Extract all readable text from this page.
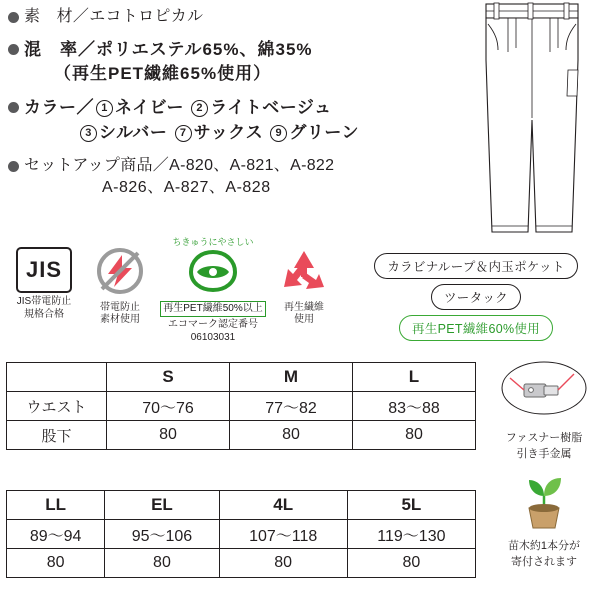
素　材／エコトロピカル
混　率／ポリエステル65%、綿35%
（再生PET繊維65%使用）
カラー／ 1 ネイビー 2 ライトベージュ
3 シルバー 7 サックス 9 グリーン
セットアップ商品／A-820、A-821、A-822
A-826、A-827、A-828
JIS
JIS帯電防止
規格合格
帯電防止
素材使用
ちきゅうにやさしい
再生PET繊維50%以上
エコマーク認定番号
06103031
再生繊維
使用
カラビナループ＆内玉ポケット ツータック 再生PET繊維60%使用
	S	M	L
ウエスト	70〜76	77〜82	83〜88
股下	80	80	80
LL	EL	4L	5L
89〜94	95〜106	107〜118	119〜130
80	80	80	80
ファスナー樹脂
引き手金属
苗木約1本分が
寄付されます
